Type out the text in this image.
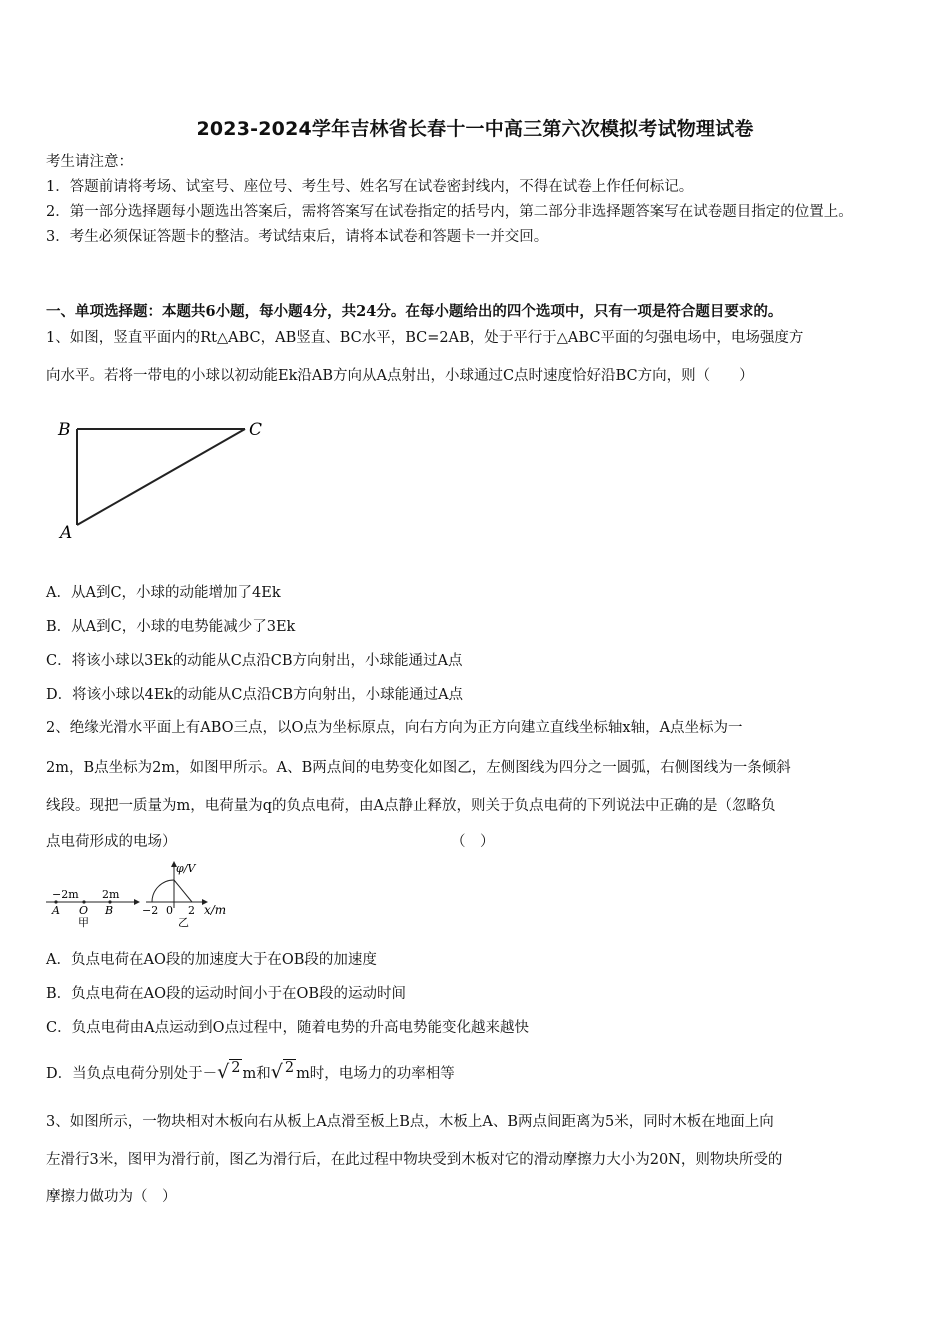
2023-2024学年吉林省长春十一中高三第六次模拟考试物理试卷
考生请注意：
1．答题前请将考场、试室号、座位号、考生号、姓名写在试卷密封线内，不得在试卷上作任何标记。
2．第一部分选择题每小题选出答案后，需将答案写在试卷指定的括号内，第二部分非选择题答案写在试卷题目指定的位置上。
3．考生必须保证答题卡的整洁。考试结束后，请将本试卷和答题卡一并交回。
一、单项选择题：本题共6小题，每小题4分，共24分。在每小题给出的四个选项中，只有一项是符合题目要求的。
1、如图，竖直平面内的Rt△ABC，AB竖直、BC水平，BC=2AB，处于平行于△ABC平面的匀强电场中，电场强度方
向水平。若将一带电的小球以初动能Ek沿AB方向从A点射出，小球通过C点时速度恰好沿BC方向，则（　　）
B	C
A
A．从A到C，小球的动能增加了4Ek
B．从A到C，小球的电势能减少了3Ek
C．将该小球以3Ek的动能从C点沿CB方向射出，小球能通过A点
D．将该小球以4Ek的动能从C点沿CB方向射出，小球能通过A点
2、绝缘光滑水平面上有ABO三点，以O点为坐标原点，向右方向为正方向建立直线坐标轴x轴，A点坐标为一
2m，B点坐标为2m，如图甲所示。A、B两点间的电势变化如图乙，左侧图线为四分之一圆弧，右侧图线为一条倾斜
线段。现把一质量为m，电荷量为q的负点电荷，由A点静止释放，则关于负点电荷的下列说法中正确的是（忽略负
点电荷形成的电场）	（　）
−2m 2m
A O B
甲
φ/V
−2 0 2 x/m
乙
A．负点电荷在AO段的加速度大于在OB段的加速度
B．负点电荷在AO段的运动时间小于在OB段的运动时间
C．负点电荷由A点运动到O点过程中，随着电势的升高电势能变化越来越快
D．当负点电荷分别处于－√ 2 m和√ 2 m时，电场力的功率相等
3、如图所示，一物块相对木板向右从板上A点滑至板上B点，木板上A、B两点间距离为5米，同时木板在地面上向
左滑行3米，图甲为滑行前，图乙为滑行后，在此过程中物块受到木板对它的滑动摩擦力大小为20N，则物块所受的
摩擦力做功为（　）
